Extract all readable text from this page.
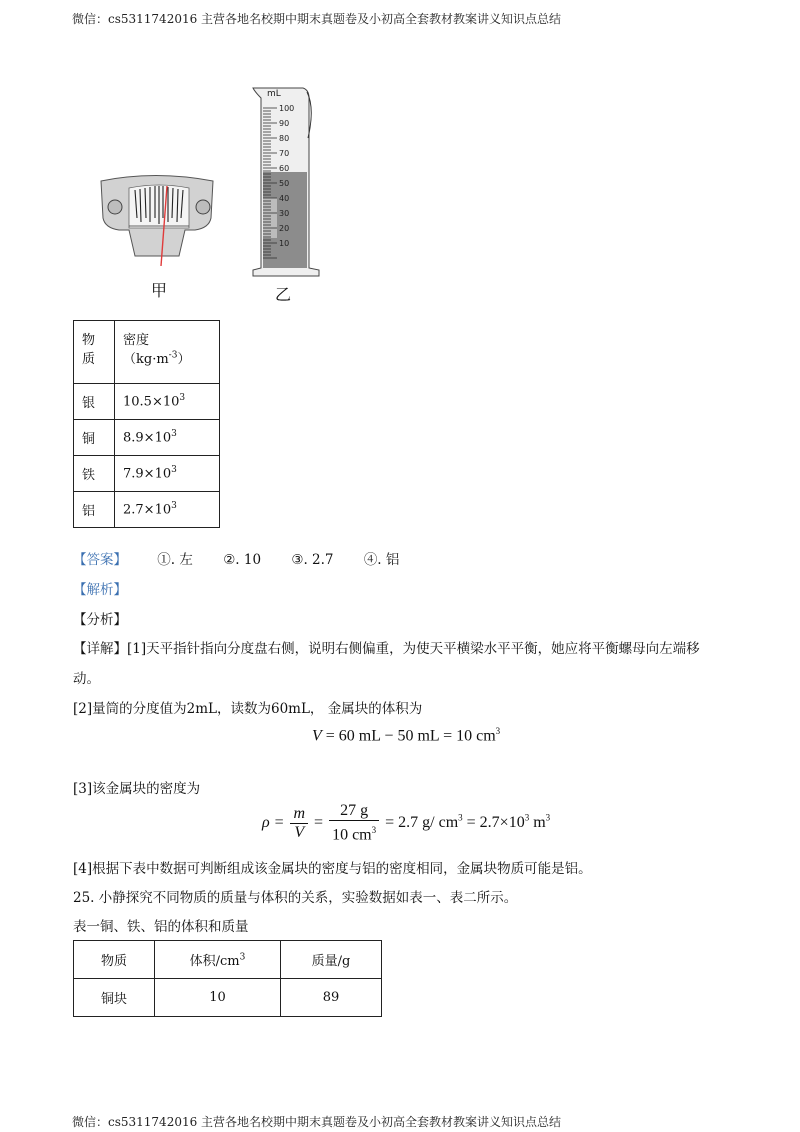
微信：cs5311742016 主营各地名校期中期末真题卷及小初高全套教材教案讲义知识点总结
甲
100
90
80
70
60
50
40
30
20
10
mL
乙
物
质	密度
$(kg\cdot m^{-3})$
银	$10.5\times 10^3$
铜	$8.9\times 10^3$
铁	$7.9\times 10^3$
铝	$2.7\times 10^3$
【答案】 ①. 左 ②. 10 ③. 2.7 ④. 铝
【解析】
【分析】
【详解】[1]天平指针指向分度盘右侧，说明右侧偏重，为使天平横梁水平平衡，她应将平衡螺母向左端移
动。
[2]量筒的分度值为2mL，读数为60mL， 金属块的体积为
V = 60 mL − 50 mL = 10 $cm^3$
[3]该金属块的密度为
$\rho = \frac{m}{V} = \frac{27 g}{10 cm^3} = 2.7$ g/ $cm^3 = 2.7\times 10^3$ $m^3$
[4]根据下表中数据可判断组成该金属块的密度与铝的密度相同，金属块物质可能是铝。
25. 小静探究不同物质的质量与体积的关系，实验数据如表一、表二所示。
表一铜、铁、铝的体积和质量
物质	体积$/cm^3$	质量/g
铜块	10	89
微信：cs5311742016 主营各地名校期中期末真题卷及小初高全套教材教案讲义知识点总结
